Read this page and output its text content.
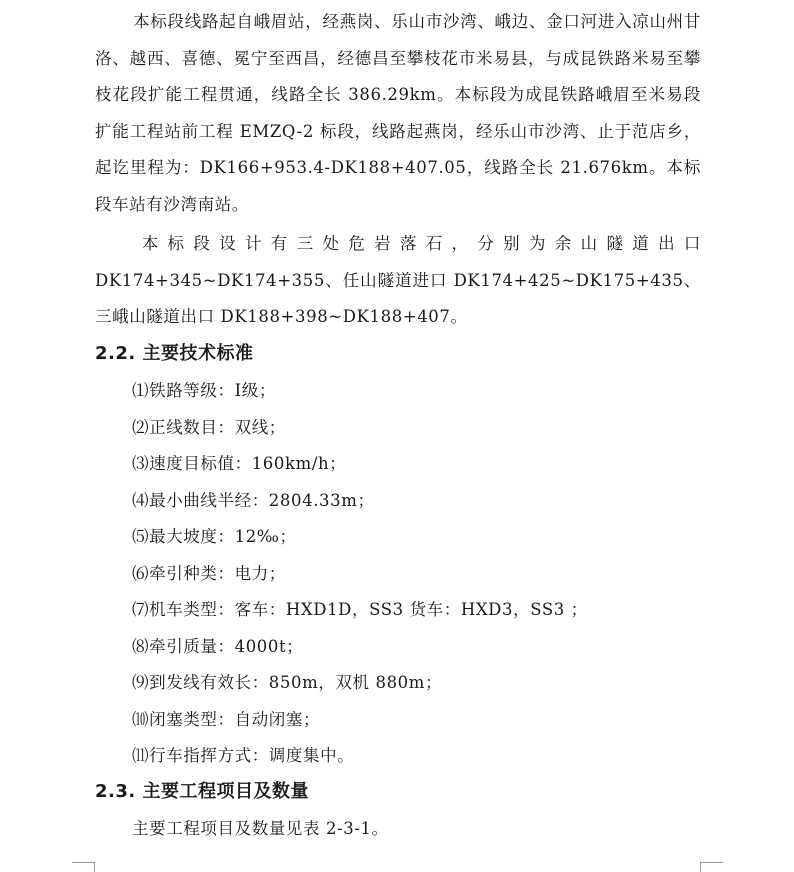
本标段线路起自峨眉站，经燕岗、乐山市沙湾、峨边、金口河进入凉山州甘洛、越西、喜德、冕宁至西昌，经德昌至攀枝花市米易县，与成昆铁路米易至攀枝花段扩能工程贯通，线路全长 386.29km。本标段为成昆铁路峨眉至米易段扩能工程站前工程 EMZQ-2 标段，线路起燕岗，经乐山市沙湾、止于范店乡，起讫里程为：DK166+953.4-DK188+407.05，线路全长 21.676km。本标段车站有沙湾南站。

本标段设计有三处危岩落石，分别为余山隧道出口 DK174+345~DK174+355、任山隧道进口 DK174+425~DK175+435、三峨山隧道出口 DK188+398~DK188+407。

2.2. 主要技术标准
⑴铁路等级：Ⅰ级；
⑵正线数目：双线；
⑶速度目标值：160km/h；
⑷最小曲线半经：2804.33m；
⑸最大坡度：12‰；
⑹牵引种类：电力；
⑺机车类型：客车：HXD1D，SS3 货车：HXD3，SS3 ；
⑻牵引质量：4000t；
⑼到发线有效长：850m，双机 880m；
⑽闭塞类型：自动闭塞；
⑾行车指挥方式：调度集中。
2.3. 主要工程项目及数量

主要工程项目及数量见表 2-3-1。
